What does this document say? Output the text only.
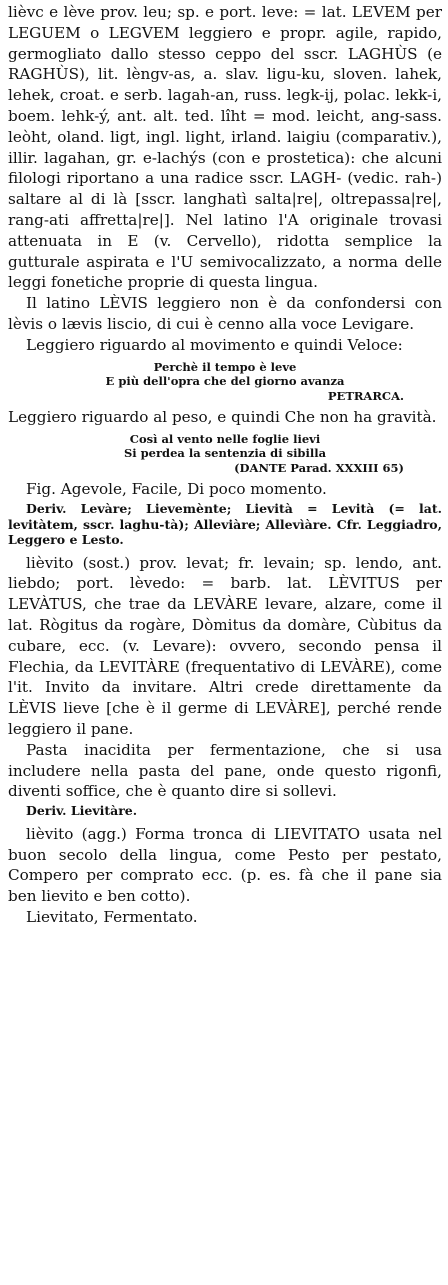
lièvc e lève prov. leu; sp. e port. leve: = lat. LEVEM per LEGUEM o LEGVEM leggiero e propr. agile, rapido, germogliato dallo stesso ceppo del sscr. LAGHÙS (e RAGHÙS), lit. lèngv-as, a. slav. ligu-ku, sloven. lahek, lehek, croat. e serb. lagah-an, russ. legk-ij, polac. lekk-i, boem. lehk-ý, ant. alt. ted. lîht = mod. leicht, ang-sass. leòht, oland. ligt, ingl. light, irland. laigiu (comparativ.), illir. lagahan, gr. e-lachýs (con e prostetica): che alcuni filologi riportano a una radice sscr. LAGH- (vedic. rah-) saltare al di là [sscr. langhatì salta|re|, oltrepassa|re|, rang-ati affretta|re|]. Nel latino l'A originale trovasi attenuata in E (v. Cervello), ridotta semplice la gutturale aspirata e l'U semivocalizzato, a norma delle leggi fonetiche proprie di questa lingua.

Il latino LÈVIS leggiero non è da confondersi con lèvis o lævis liscio, di cui è cenno alla voce Levigare.

Leggiero riguardo al movimento e quindi Veloce:

Perchè il tempo è leve
E più dell'opra che del giorno avanza
PETRARCA.

Leggiero riguardo al peso, e quindi Che non ha gravità.

Così al vento nelle foglie lievi
Si perdea la sentenzia di sibilla
(DANTE Parad. XXXIII 65)

Fig. Agevole, Facile, Di poco momento.

Deriv. Levàre; Lievemènte; Lievità = Levità (= lat. levitàtem, sscr. laghu-tà); Alleviàre; Allevìàre. Cfr. Leggiadro, Leggero e Lesto.

lièvito (sost.) prov. levat; fr. levain; sp. lendo, ant. liebdo; port. lèvedo: = barb. lat. LÈVITUS per LEVÀTUS, che trae da LEVÀRE levare, alzare, come il lat. Rògitus da rogàre, Dòmitus da domàre, Cùbitus da cubare, ecc. (v. Levare): ovvero, secondo pensa il Flechia, da LEVITÀRE (frequentativo di LEVÀRE), come l'it. Invito da invitare. Altri crede direttamente da LÈVIS lieve [che è il germe di LEVÀRE], perché rende leggiero il pane.

Pasta inacidita per fermentazione, che si usa includere nella pasta del pane, onde questo rigonfi, diventi soffice, che è quanto dire si sollevi.

Deriv. Lievitàre.

lièvito (agg.) Forma tronca di LIEVITATO usata nel buon secolo della lingua, come Pesto per pestato, Compero per comprato ecc. (p. es. fà che il pane sia ben lievito e ben cotto).

Lievitato, Fermentato.
